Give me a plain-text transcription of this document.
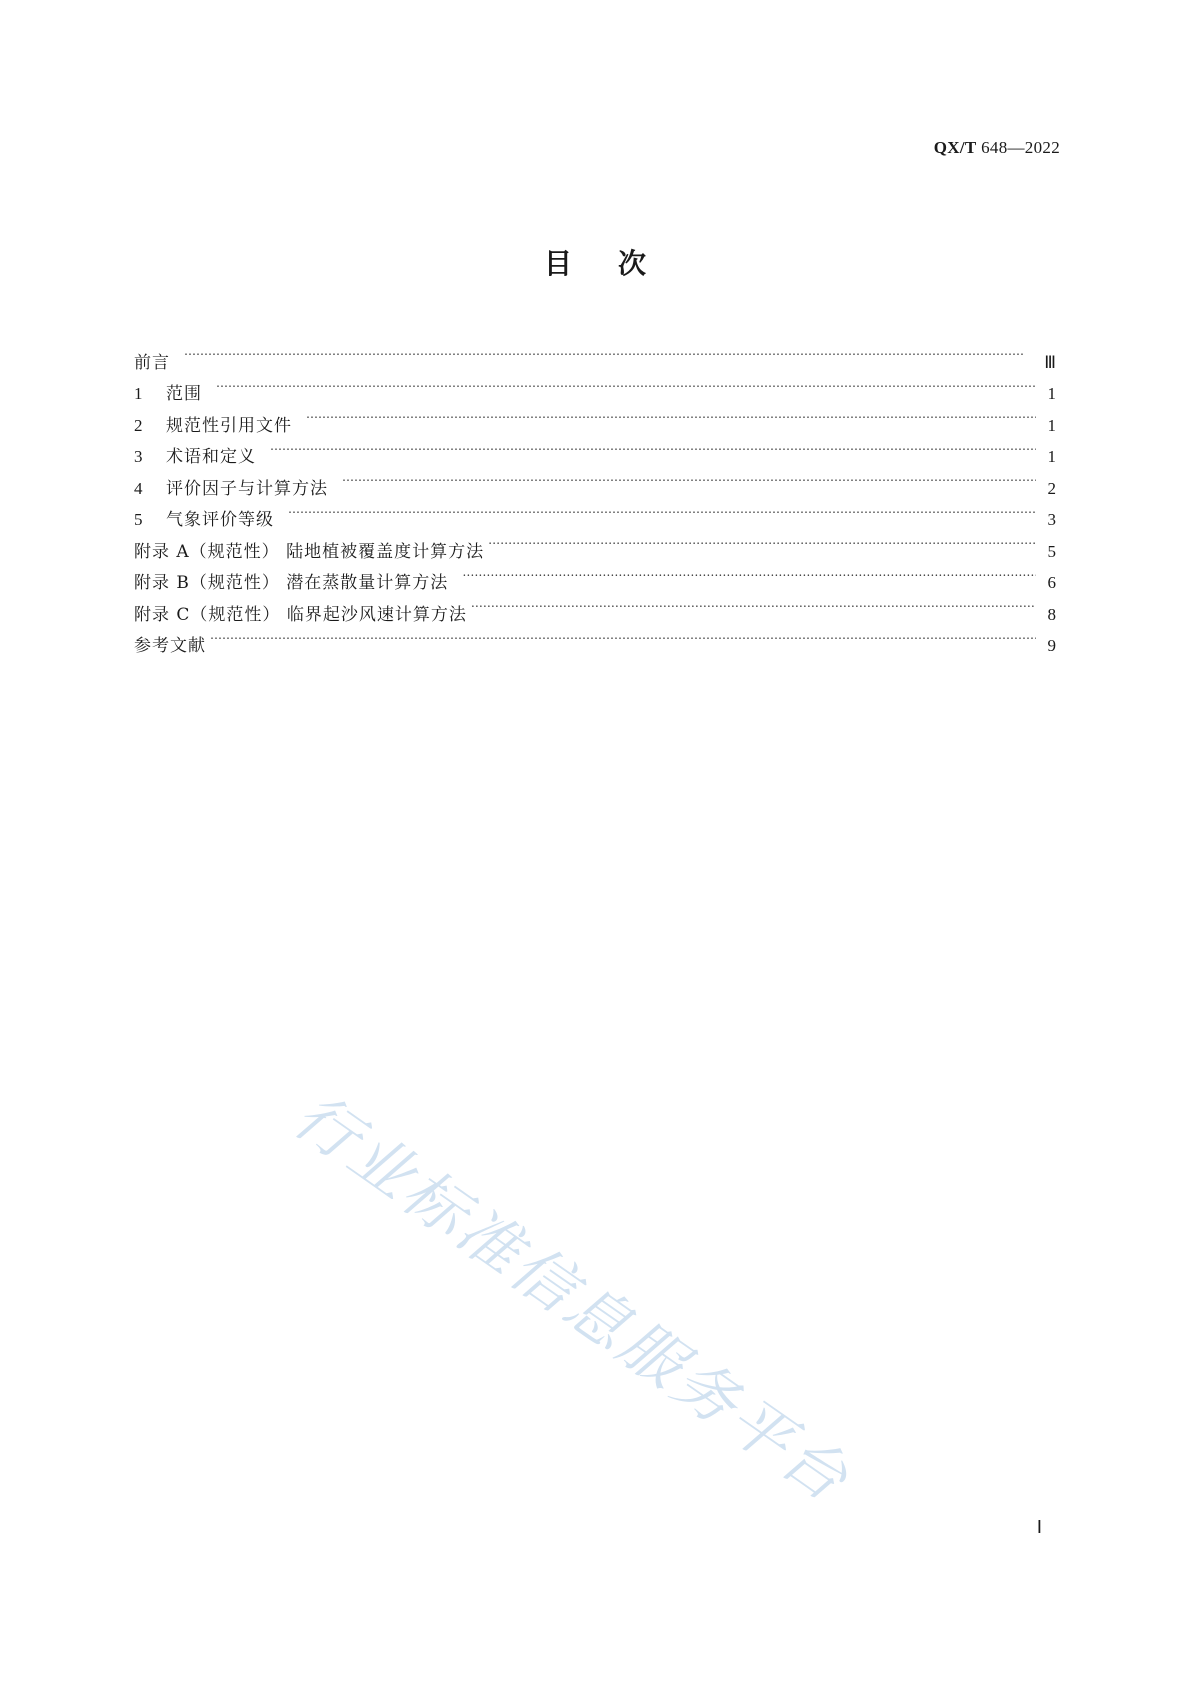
QX/T 648—2022
目次
前言 …………………………………………………………………………………………………………………………………………………………………………………………	Ⅲ
1	范围 …………………………………………………………………………………………………………………………………………………………………………………………	1
2	规范性引用文件 …………………………………………………………………………………………………………………………………………………………………………………………	1
3	术语和定义 …………………………………………………………………………………………………………………………………………………………………………………………	1
4	评价因子与计算方法 …………………………………………………………………………………………………………………………………………………………………………………………	2
5	气象评价等级 …………………………………………………………………………………………………………………………………………………………………………………………	3
附录 A（规范性） 陆地植被覆盖度计算方法 …………………………………………………………………………………………………………………………………………………………………………………………	5
附录 B（规范性） 潜在蒸散量计算方法 …………………………………………………………………………………………………………………………………………………………………………………………	6
附录 C（规范性） 临界起沙风速计算方法 …………………………………………………………………………………………………………………………………………………………………………………………	8
参考文献 …………………………………………………………………………………………………………………………………………………………………………………………	9
行业标准信息服务平台
Ⅰ
